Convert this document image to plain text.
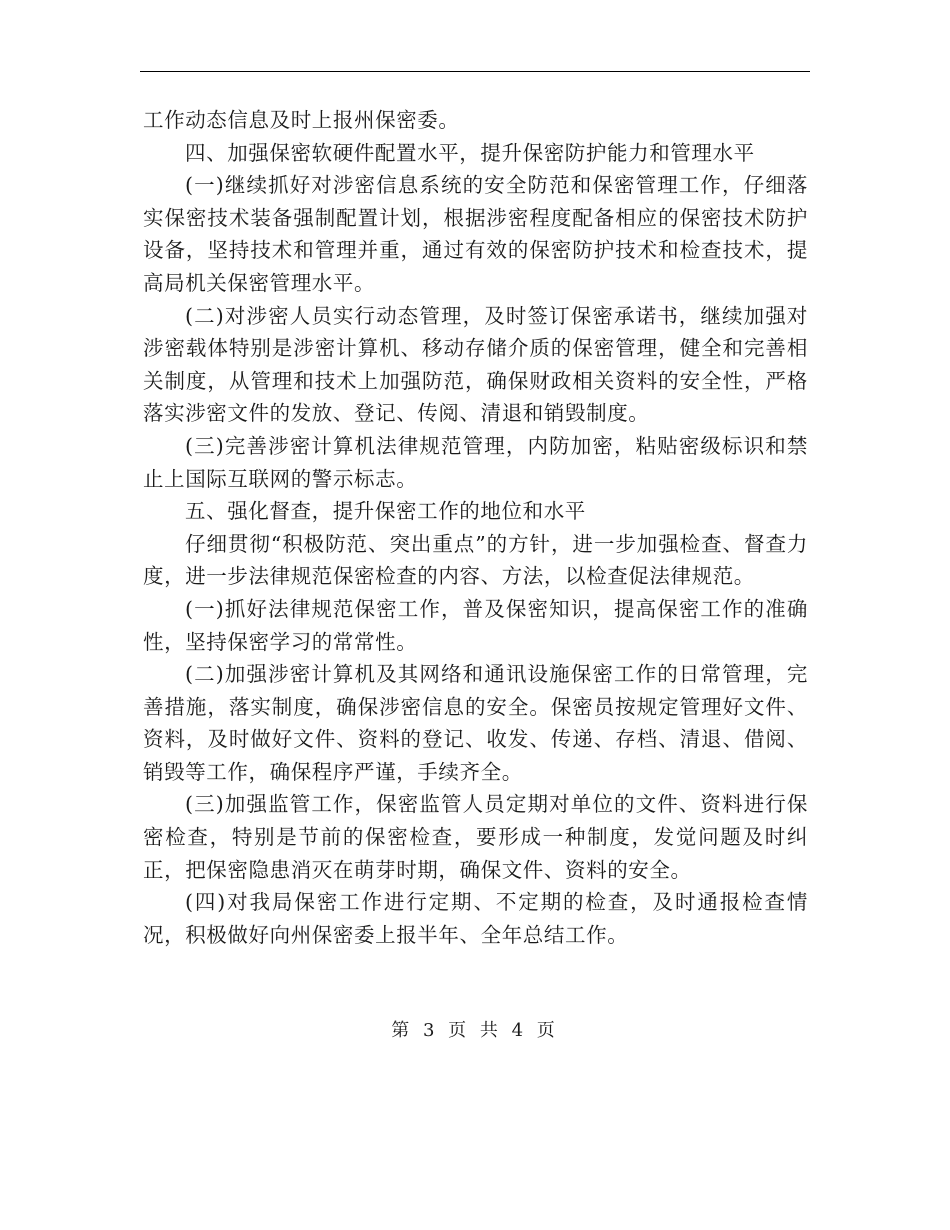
工作动态信息及时上报州保密委。

四、加强保密软硬件配置水平，提升保密防护能力和管理水平

(一)继续抓好对涉密信息系统的安全防范和保密管理工作，仔细落实保密技术装备强制配置计划，根据涉密程度配备相应的保密技术防护设备，坚持技术和管理并重，通过有效的保密防护技术和检查技术，提高局机关保密管理水平。

(二)对涉密人员实行动态管理，及时签订保密承诺书，继续加强对涉密载体特别是涉密计算机、移动存储介质的保密管理，健全和完善相关制度，从管理和技术上加强防范，确保财政相关资料的安全性，严格落实涉密文件的发放、登记、传阅、清退和销毁制度。

(三)完善涉密计算机法律规范管理，内防加密，粘贴密级标识和禁止上国际互联网的警示标志。

五、强化督查，提升保密工作的地位和水平

仔细贯彻“积极防范、突出重点”的方针，进一步加强检查、督查力度，进一步法律规范保密检查的内容、方法，以检查促法律规范。

(一)抓好法律规范保密工作，普及保密知识，提高保密工作的准确性，坚持保密学习的常常性。

(二)加强涉密计算机及其网络和通讯设施保密工作的日常管理，完善措施，落实制度，确保涉密信息的安全。保密员按规定管理好文件、资料，及时做好文件、资料的登记、收发、传递、存档、清退、借阅、销毁等工作，确保程序严谨，手续齐全。

(三)加强监管工作，保密监管人员定期对单位的文件、资料进行保密检查，特别是节前的保密检查，要形成一种制度，发觉问题及时纠正，把保密隐患消灭在萌芽时期，确保文件、资料的安全。

(四)对我局保密工作进行定期、不定期的检查，及时通报检查情况，积极做好向州保密委上报半年、全年总结工作。

第 3 页 共 4 页
